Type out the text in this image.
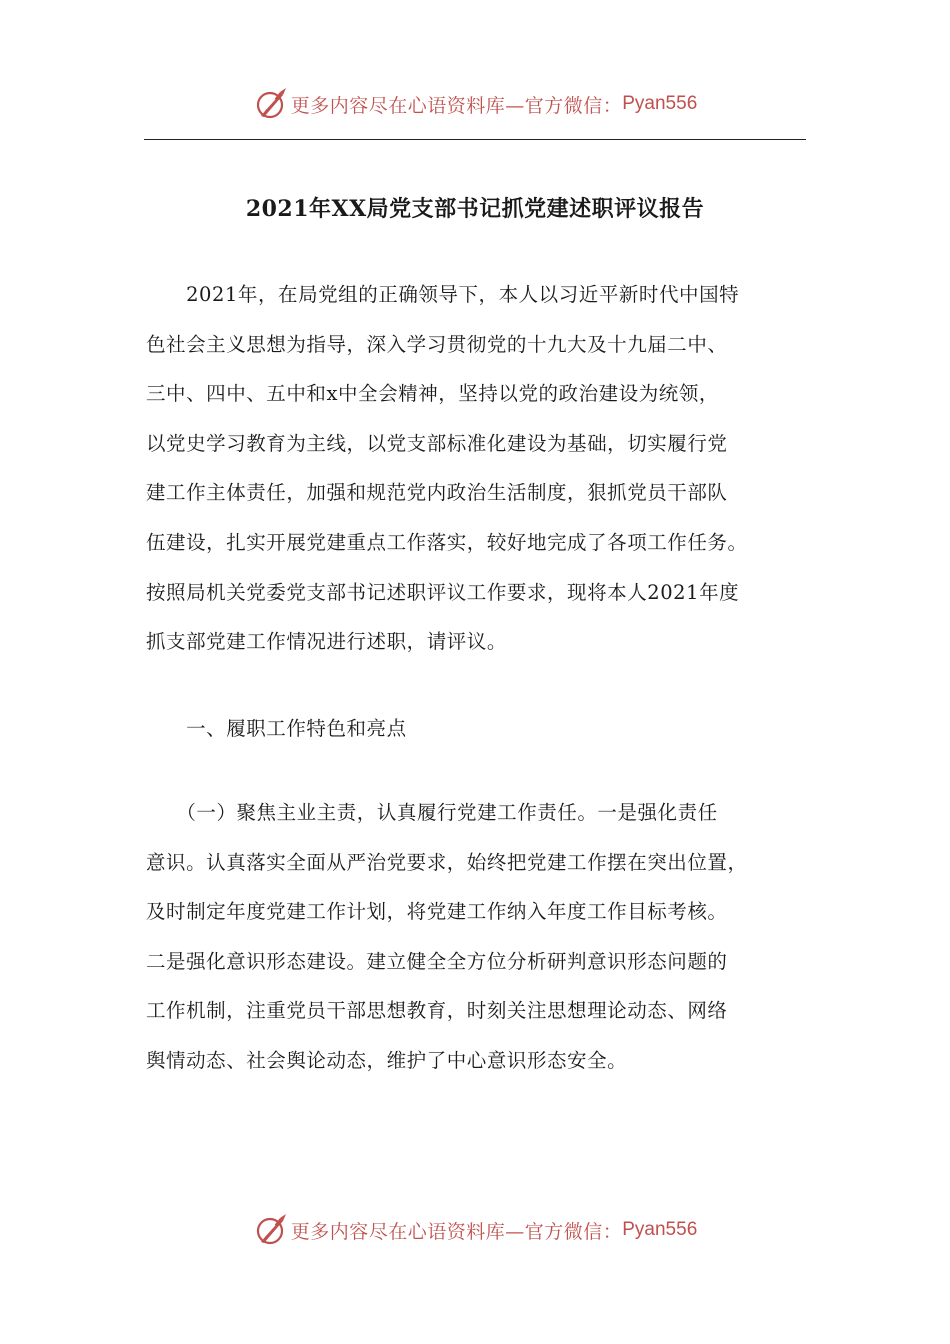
更多内容尽在心语资料库—官方微信： Pyan556
2021年XX局党支部书记抓党建述职评议报告
　　2021年，在局党组的正确领导下，本人以习近平新时代中国特
色社会主义思想为指导，深入学习贯彻党的十九大及十九届二中、
三中、四中、五中和x中全会精神，坚持以党的政治建设为统领，
以党史学习教育为主线，以党支部标准化建设为基础，切实履行党
建工作主体责任，加强和规范党内政治生活制度，狠抓党员干部队
伍建设，扎实开展党建重点工作落实，较好地完成了各项工作任务。
按照局机关党委党支部书记述职评议工作要求，现将本人2021年度
抓支部党建工作情况进行述职，请评议。
　　一、履职工作特色和亮点
　　（一）聚焦主业主责，认真履行党建工作责任。一是强化责任
意识。认真落实全面从严治党要求，始终把党建工作摆在突出位置，
及时制定年度党建工作计划，将党建工作纳入年度工作目标考核。
二是强化意识形态建设。建立健全全方位分析研判意识形态问题的
工作机制，注重党员干部思想教育，时刻关注思想理论动态、网络
舆情动态、社会舆论动态，维护了中心意识形态安全。
更多内容尽在心语资料库—官方微信： Pyan556
